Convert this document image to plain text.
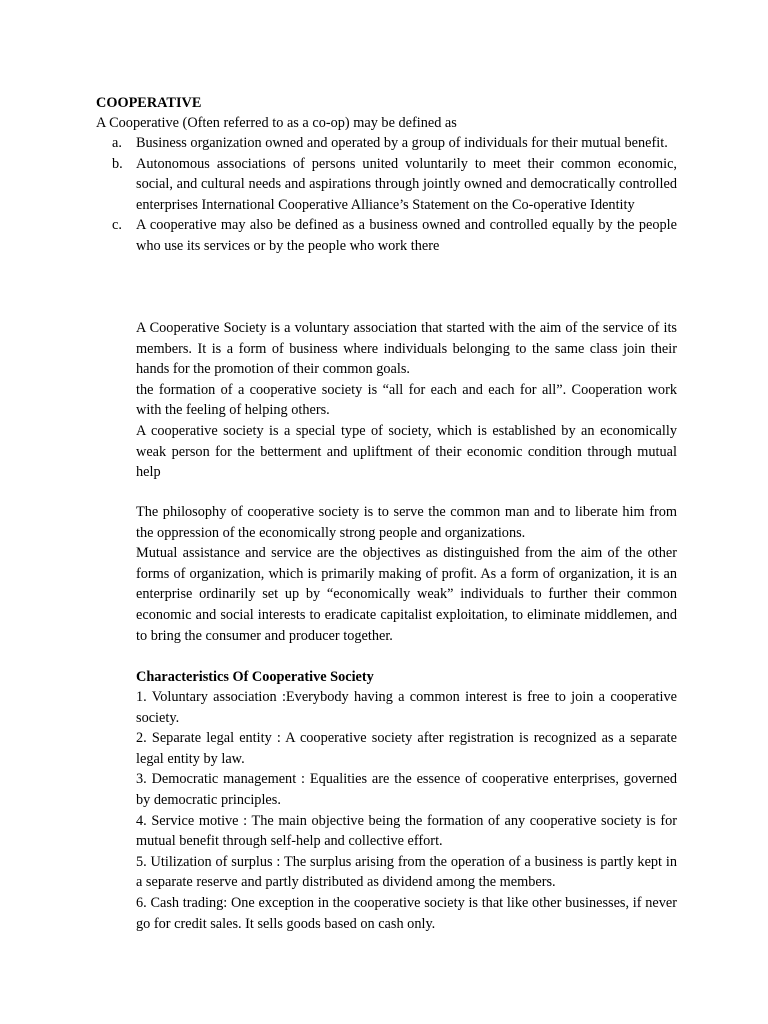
COOPERATIVE
A Cooperative (Often referred to as a co-op) may be defined as
a. Business organization owned and operated by a group of individuals for their mutual benefit.
b. Autonomous associations of persons united voluntarily to meet their common economic, social, and cultural needs and aspirations through jointly owned and democratically controlled enterprises International Cooperative Alliance’s Statement on the Co-operative Identity
c. A cooperative may also be defined as a business owned and controlled equally by the people who use its services or by the people who work there

A Cooperative Society is a voluntary association that started with the aim of the service of its members. It is a form of business where individuals belonging to the same class join their hands for the promotion of their common goals.

the formation of a cooperative society is “all for each and each for all”. Cooperation work with the feeling of helping others.

A cooperative society is a special type of society, which is established by an economically weak person for the betterment and upliftment of their economic condition through mutual help

The philosophy of cooperative society is to serve the common man and to liberate him from the oppression of the economically strong people and organizations.

Mutual assistance and service are the objectives as distinguished from the aim of the other forms of organization, which is primarily making of profit. As a form of organization, it is an enterprise ordinarily set up by “economically weak” individuals to further their common economic and social interests to eradicate capitalist exploitation, to eliminate middlemen, and to bring the consumer and producer together.

Characteristics Of Cooperative Society

1. Voluntary association :Everybody having a common interest is free to join a cooperative society.

2. Separate legal entity : A cooperative society after registration is recognized as a separate legal entity by law.

3. Democratic management : Equalities are the essence of cooperative enterprises, governed by democratic principles.

4. Service motive : The main objective being the formation of any cooperative society is for mutual benefit through self-help and collective effort.

5. Utilization of surplus : The surplus arising from the operation of a business is partly kept in a separate reserve and partly distributed as dividend among the members.

6. Cash trading: One exception in the cooperative society is that like other businesses, if never go for credit sales. It sells goods based on cash only.
